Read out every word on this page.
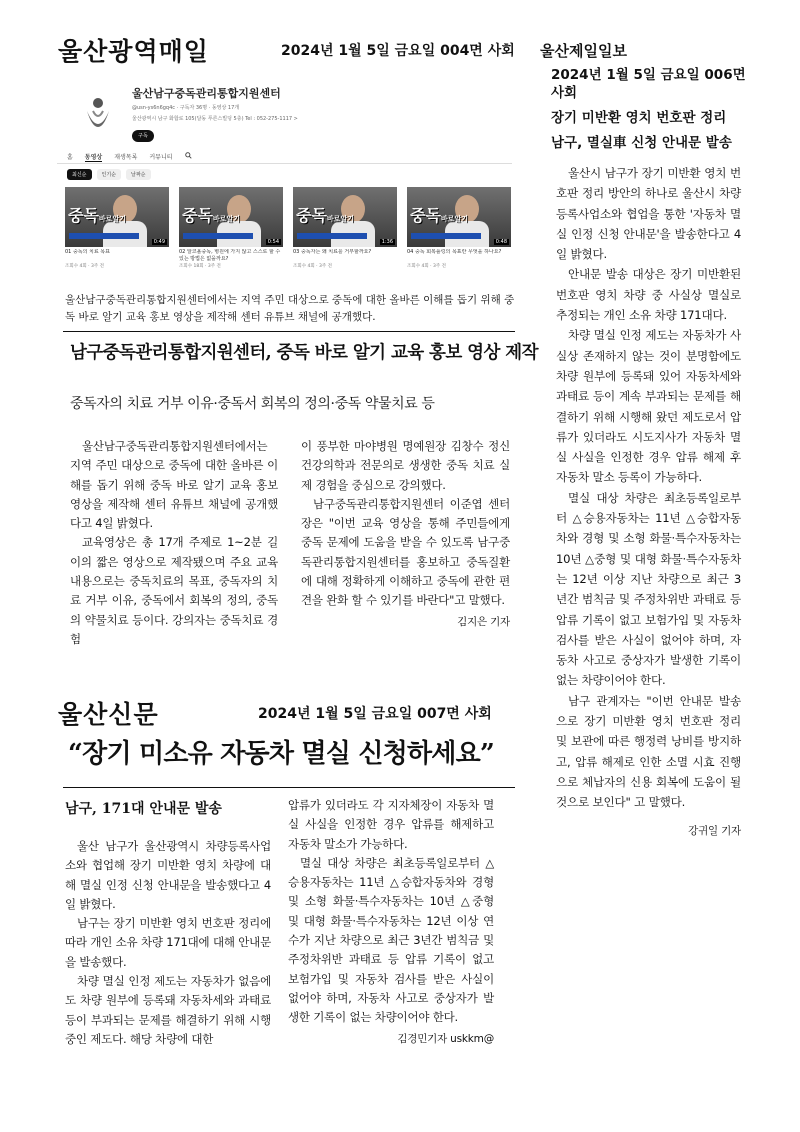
울산광역매일	2024년 1월 5일 금요일 004면 사회
울산남구중독관리통합지원센터
@usn-ys6n6gq4c · 구독자 36명 · 동영상 17개
울산광역시 남구 화합로 105(달동 푸른스빌딩 5층) Tel : 052-275-1117 >
구독
홈 동영상 재생목록 커뮤니티
최신순	인기순	날짜순
중독바로알기
0:49
01 중독의 치료 목표
조회수 4회 · 3주 전
중독바로알기
0:54
02 알코올중독, 병원에 가지 않고 스스로 할 수 있는 방법은 없을까요?
조회수 18회 · 3주 전
중독바로알기
1:36
03 중독자는 왜 치료를 거부할까요?
조회수 4회 · 3주 전
중독바로알기
0:48
04 중독 회복플링의 목표란 무엇을 하나요?
조회수 4회 · 3주 전
울산남구중독관리통합지원센터에서는 지역 주민 대상으로 중독에 대한 올바른 이해를 돕기 위해 중독 바로 알기 교육 홍보 영상을 제작해 센터 유튜브 채널에 공개했다.
남구중독관리통합지원센터, 중독 바로 알기 교육 홍보 영상 제작
중독자의 치료 거부 이유·중독서 회복의 정의·중독 약물치료 등

울산남구중독관리통합지원센터에서는 지역 주민 대상으로 중독에 대한 올바른 이해를 돕기 위해 중독 바로 알기 교육 홍보 영상을 제작해 센터 유튜브 채널에 공개했다고 4일 밝혔다.

교육영상은 총 17개 주제로 1~2분 길이의 짧은 영상으로 제작됐으며 주요 교육 내용으로는 중독치료의 목표, 중독자의 치료 거부 이유, 중독에서 회복의 정의, 중독의 약물치료 등이다. 강의자는 중독치료 경험

이 풍부한 마야병원 명예원장 김창수 정신건강의학과 전문의로 생생한 중독 치료 실제 경험을 중심으로 강의했다.

남구중독관리통합지원센터 이준엽 센터장은 "이번 교육 영상을 통해 주민들에게 중독 문제에 도움을 받을 수 있도록 남구중독관리통합지원센터를 홍보하고 중독질환에 대해 정확하게 이해하고 중독에 관한 편견을 완화 할 수 있기를 바란다"고 말했다.

김지은 기자
울산신문	2024년 1월 5일 금요일 007면 사회
“장기 미소유 자동차 멸실 신청하세요”
남구, 171대 안내문 발송

울산 남구가 울산광역시 차량등록사업소와 협업해 장기 미반환 영치 차량에 대해 멸실 인정 신청 안내문을 발송했다고 4일 밝혔다.

남구는 장기 미반환 영치 번호판 정리에 따라 개인 소유 차량 171대에 대해 안내문을 발송했다.

차량 멸실 인정 제도는 자동차가 없음에도 차량 원부에 등록돼 자동차세와 과태료 등이 부과되는 문제를 해결하기 위해 시행중인 제도다. 해당 차량에 대한

압류가 있더라도 각 지자체장이 자동차 멸실 사실을 인정한 경우 압류를 해제하고 자동차 말소가 가능하다.

멸실 대상 차량은 최초등록일로부터 △승용자동차는 11년 △승합자동차와 경형 및 소형 화물·특수자동차는 10년 △중형 및 대형 화물·특수자동차는 12년 이상 연수가 지난 차량으로 최근 3년간 범칙금 및 주정차위반 과태료 등 압류 기록이 없고 보험가입 및 자동차 검사를 받은 사실이 없어야 하며, 자동차 사고로 중상자가 발생한 기록이 없는 차량이어야 한다.

김경민기자 uskkm@
울산제일일보
2024년 1월 5일 금요일 006면 사회
장기 미반환 영치 번호판 정리
남구, 멸실車 신청 안내문 발송

울산시 남구가 장기 미반환 영치 번호판 정리 방안의 하나로 울산시 차량등록사업소와 협업을 통한 '자동차 멸실 인정 신청 안내문'을 발송한다고 4일 밝혔다.

안내문 발송 대상은 장기 미반환된 번호판 영치 차량 중 사실상 멸실로 추정되는 개인 소유 차량 171대다.

차량 멸실 인정 제도는 자동차가 사실상 존재하지 않는 것이 분명함에도 차량 원부에 등록돼 있어 자동차세와 과태료 등이 계속 부과되는 문제를 해결하기 위해 시행해 왔던 제도로서 압류가 있더라도 시도지사가 자동차 멸실 사실을 인정한 경우 압류 해제 후 자동차 말소 등록이 가능하다.

멸실 대상 차량은 최초등록일로부터 △승용자동차는 11년 △승합자동차와 경형 및 소형 화물·특수자동차는 10년 △중형 및 대형 화물·특수자동차는 12년 이상 지난 차량으로 최근 3년간 범칙금 및 주정차위반 과태료 등 압류 기록이 없고 보험가입 및 자동차 검사를 받은 사실이 없어야 하며, 자동차 사고로 중상자가 발생한 기록이 없는 차량이어야 한다.

남구 관계자는 "이번 안내문 발송으로 장기 미반환 영치 번호판 정리 및 보관에 따른 행정력 낭비를 방지하고, 압류 해제로 인한 소멸 시효 진행으로 체납자의 신용 회복에 도움이 될 것으로 보인다" 고 말했다.

강귀일 기자
